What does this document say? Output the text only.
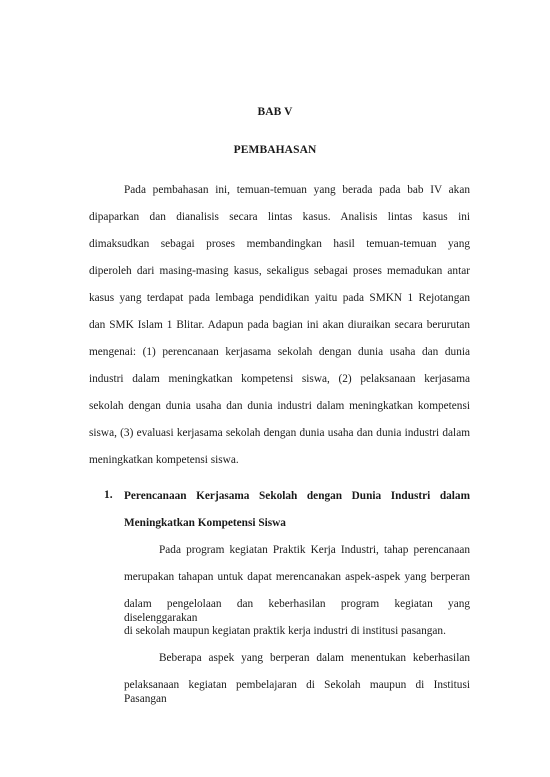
BAB V
PEMBAHASAN
Pada pembahasan ini, temuan-temuan yang berada pada bab IV akan
dipaparkan dan dianalisis secara lintas kasus. Analisis lintas kasus ini
dimaksudkan sebagai proses membandingkan hasil temuan-temuan yang
diperoleh dari masing-masing kasus, sekaligus sebagai proses memadukan antar
kasus yang terdapat pada lembaga pendidikan yaitu pada SMKN 1 Rejotangan
dan SMK Islam 1 Blitar. Adapun pada bagian ini akan diuraikan secara berurutan
mengenai: (1) perencanaan kerjasama sekolah dengan dunia usaha dan dunia
industri dalam meningkatkan kompetensi siswa, (2) pelaksanaan kerjasama
sekolah dengan dunia usaha dan dunia industri dalam meningkatkan kompetensi
siswa, (3) evaluasi kerjasama sekolah dengan dunia usaha dan dunia industri dalam
meningkatkan kompetensi siswa.
1. Perencanaan Kerjasama Sekolah dengan Dunia Industri dalam
Meningkatkan Kompetensi Siswa
Pada program kegiatan Praktik Kerja Industri, tahap perencanaan
merupakan tahapan untuk dapat merencanakan aspek-aspek yang berperan
dalam pengelolaan dan keberhasilan program kegiatan yang diselenggarakan
di sekolah maupun kegiatan praktik kerja industri di institusi pasangan.
Beberapa aspek yang berperan dalam menentukan keberhasilan
pelaksanaan kegiatan pembelajaran di Sekolah maupun di Institusi Pasangan
